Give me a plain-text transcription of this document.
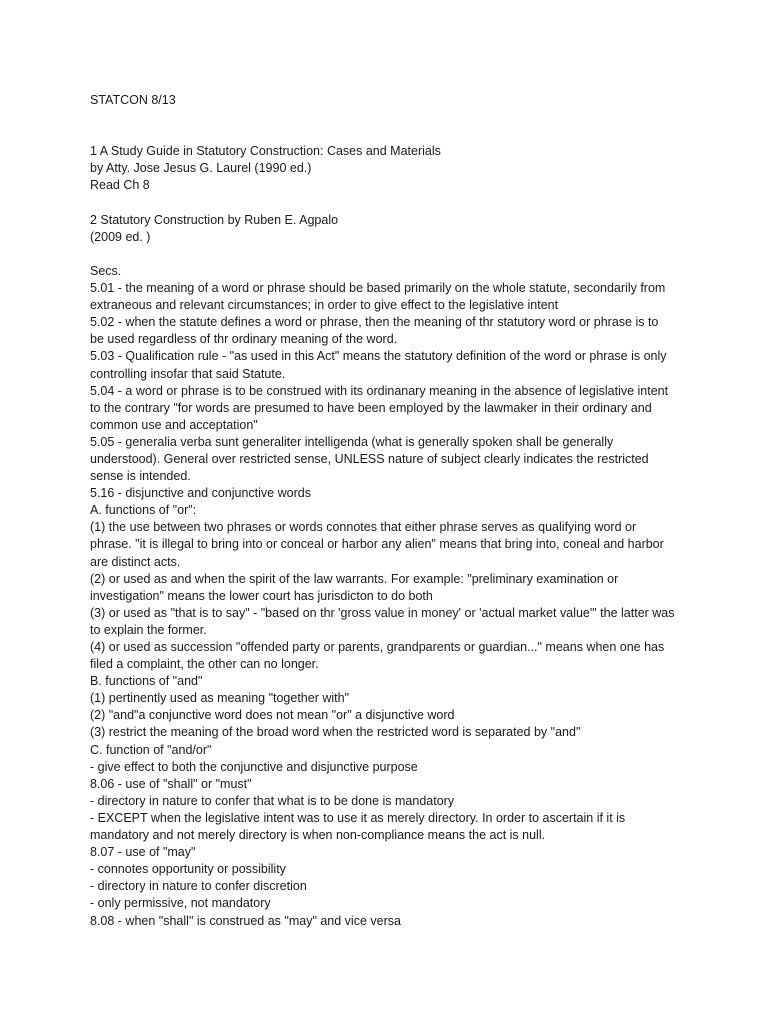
STATCON 8/13
1 A Study Guide in Statutory Construction: Cases and Materials
by Atty. Jose Jesus G. Laurel (1990 ed.)
Read Ch 8
2 Statutory Construction by Ruben E. Agpalo
(2009 ed. )
Secs.
5.01 - the meaning of a word or phrase should be based primarily on the whole statute, secondarily from
extraneous and relevant circumstances; in order to give effect to the legislative intent
5.02 - when the statute defines a word or phrase, then the meaning of thr statutory word or phrase is to
be used regardless of thr ordinary meaning of the word.
5.03 - Qualification rule - "as used in this Act" means the statutory definition of the word or phrase is only
controlling insofar that said Statute.
5.04 - a word or phrase is to be construed with its ordinanary meaning in the absence of legislative intent
to the contrary "for words are presumed to have been employed by the lawmaker in their ordinary and
common use and acceptation"
5.05 - generalia verba sunt generaliter intelligenda (what is generally spoken shall be generally
understood). General over restricted sense, UNLESS nature of subject clearly indicates the restricted
sense is intended.
5.16 - disjunctive and conjunctive words
A. functions of "or":
(1) the use between two phrases or words connotes that either phrase serves as qualifying word or
phrase. "it is illegal to bring into or conceal or harbor any alien" means that bring into, coneal and harbor
are distinct acts.
(2) or used as and when the spirit of the law warrants. For example: "preliminary examination or
investigation" means the lower court has jurisdicton to do both
(3) or used as "that is to say" - "based on thr 'gross value in money' or 'actual market value'" the latter was
to explain the former.
(4) or used as succession "offended party or parents, grandparents or guardian..." means when one has
filed a complaint, the other can no longer.
B. functions of "and"
(1) pertinently used as meaning "together with"
(2) "and"a conjunctive word does not mean "or" a disjunctive word
(3) restrict the meaning of the broad word when the restricted word is separated by "and"
C. function of "and/or"
- give effect to both the conjunctive and disjunctive purpose
8.06 - use of "shall" or "must"
- directory in nature to confer that what is to be done is mandatory
- EXCEPT when the legislative intent was to use it as merely directory. In order to ascertain if it is
mandatory and not merely directory is when non-compliance means the act is null.
8.07 - use of "may"
- connotes opportunity or possibility
- directory in nature to confer discretion
- only permissive, not mandatory
8.08 - when "shall" is construed as "may" and vice versa
